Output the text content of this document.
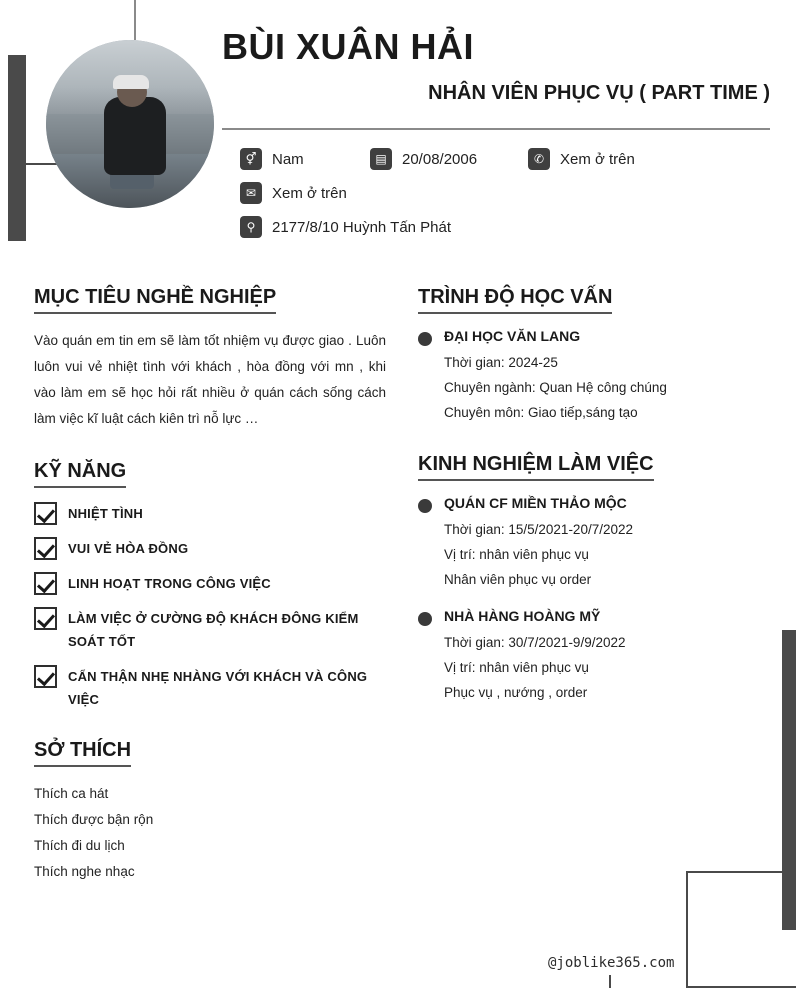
BÙI XUÂN HẢI
NHÂN VIÊN PHỤC VỤ ( PART TIME )
⚥	Nam	▤	20/08/2006	✆	Xem ở trên
✉	Xem ở trên
⚲	2177/8/10 Huỳnh Tấn Phát
MỤC TIÊU NGHỀ NGHIỆP
Vào quán em tin em sẽ làm tốt nhiệm vụ được giao . Luôn luôn vui vẻ nhiệt tình với khách , hòa đồng với mn , khi vào làm em sẽ học hỏi rất nhiều ở quán cách sống cách làm việc kĩ luật cách kiên trì nỗ lực …
KỸ NĂNG
NHIỆT TÌNH
VUI VẺ HÒA ĐỒNG
LINH HOẠT TRONG CÔNG VIỆC
LÀM VIỆC Ở CƯỜNG ĐỘ KHÁCH ĐÔNG KIỂM SOÁT TỐT
CẨN THẬN NHẸ NHÀNG VỚI KHÁCH VÀ CÔNG VIỆC
SỞ THÍCH
Thích ca hát
Thích được bận rộn
Thích đi du lịch
Thích nghe nhạc
TRÌNH ĐỘ HỌC VẤN
ĐẠI HỌC VĂN LANG
Thời gian: 2024-25
Chuyên ngành: Quan Hệ công chúng
Chuyên môn: Giao tiếp,sáng tạo
KINH NGHIỆM LÀM VIỆC
QUÁN CF MIỀN THẢO MỘC
Thời gian: 15/5/2021-20/7/2022
Vị trí: nhân viên phục vụ
Nhân viên phục vụ order
NHÀ HÀNG HOÀNG MỸ
Thời gian: 30/7/2021-9/9/2022
Vị trí: nhân viên phục vụ
Phục vụ , nướng , order
@joblike365.com
